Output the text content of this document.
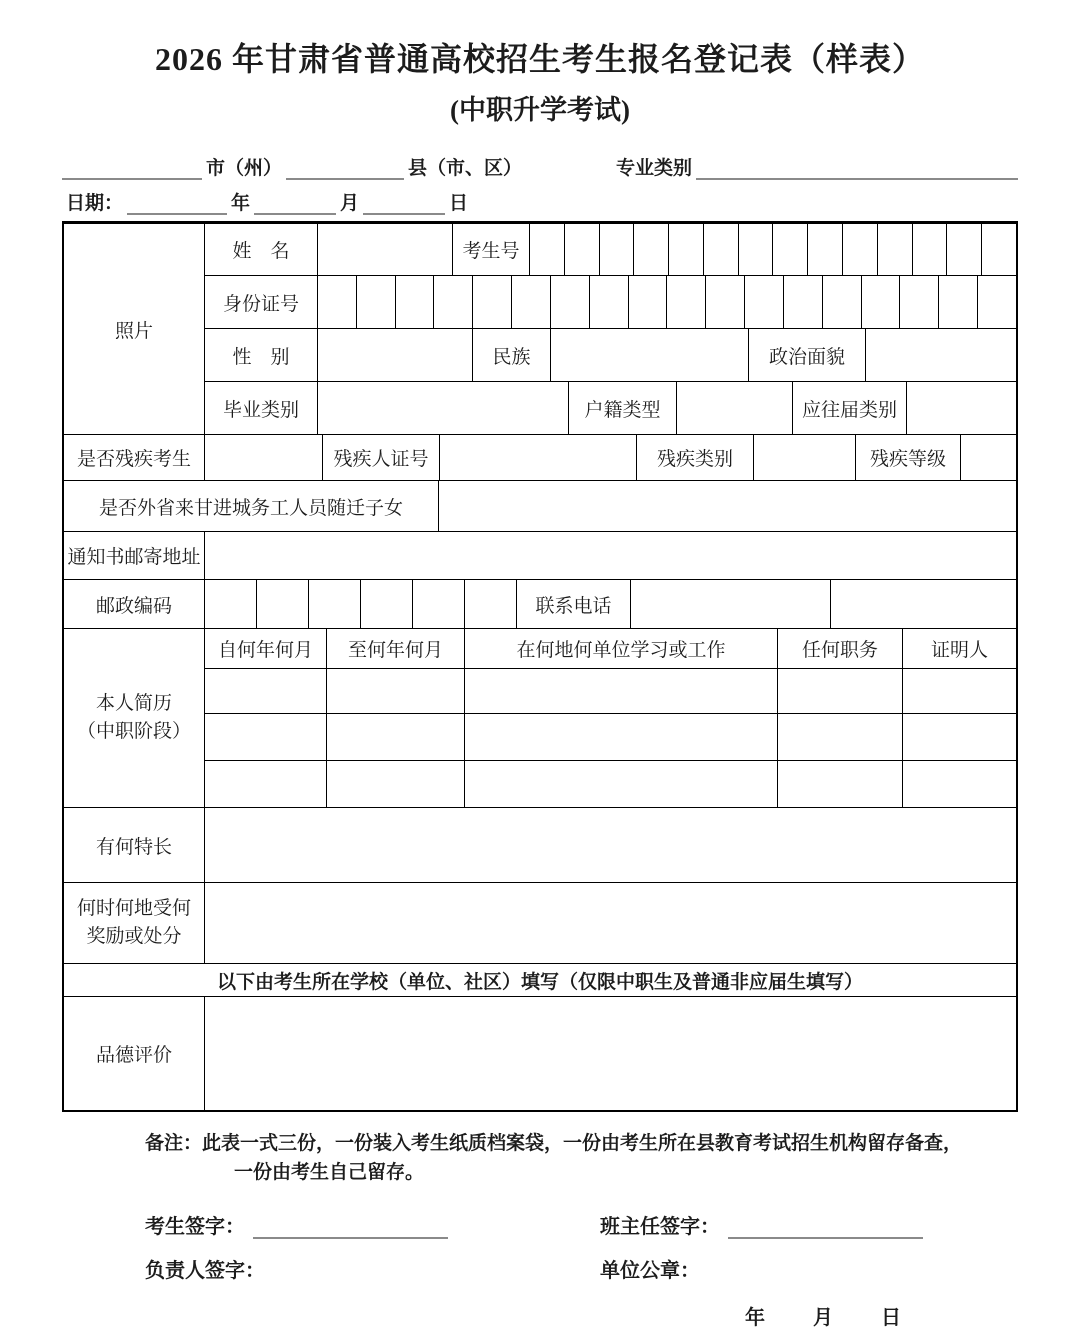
2026 年甘肃省普通高校招生考生报名登记表（样表）
(中职升学考试)
市（州）	县（市、区）	专业类别
日期：	年	月	日
照片
姓　名	考生号
身份证号
性　别	民族	政治面貌
毕业类别	户籍类型	应往届类别
是否残疾考生	残疾人证号	残疾类别	残疾等级
是否外省来甘进城务工人员随迁子女
通知书邮寄地址
邮政编码	联系电话
本人简历
（中职阶段）
自何年何月	至何年何月	在何地何单位学习或工作	任何职务	证明人
有何特长
何时何地受何
奖励或处分
以下由考生所在学校（单位、社区）填写（仅限中职生及普通非应届生填写）
品德评价
备注：此表一式三份，一份装入考生纸质档案袋，一份由考生所在县教育考试招生机构留存备查，
一份由考生自己留存。
考生签字：	班主任签字：
负责人签字：	单位公章：
年 月 日
